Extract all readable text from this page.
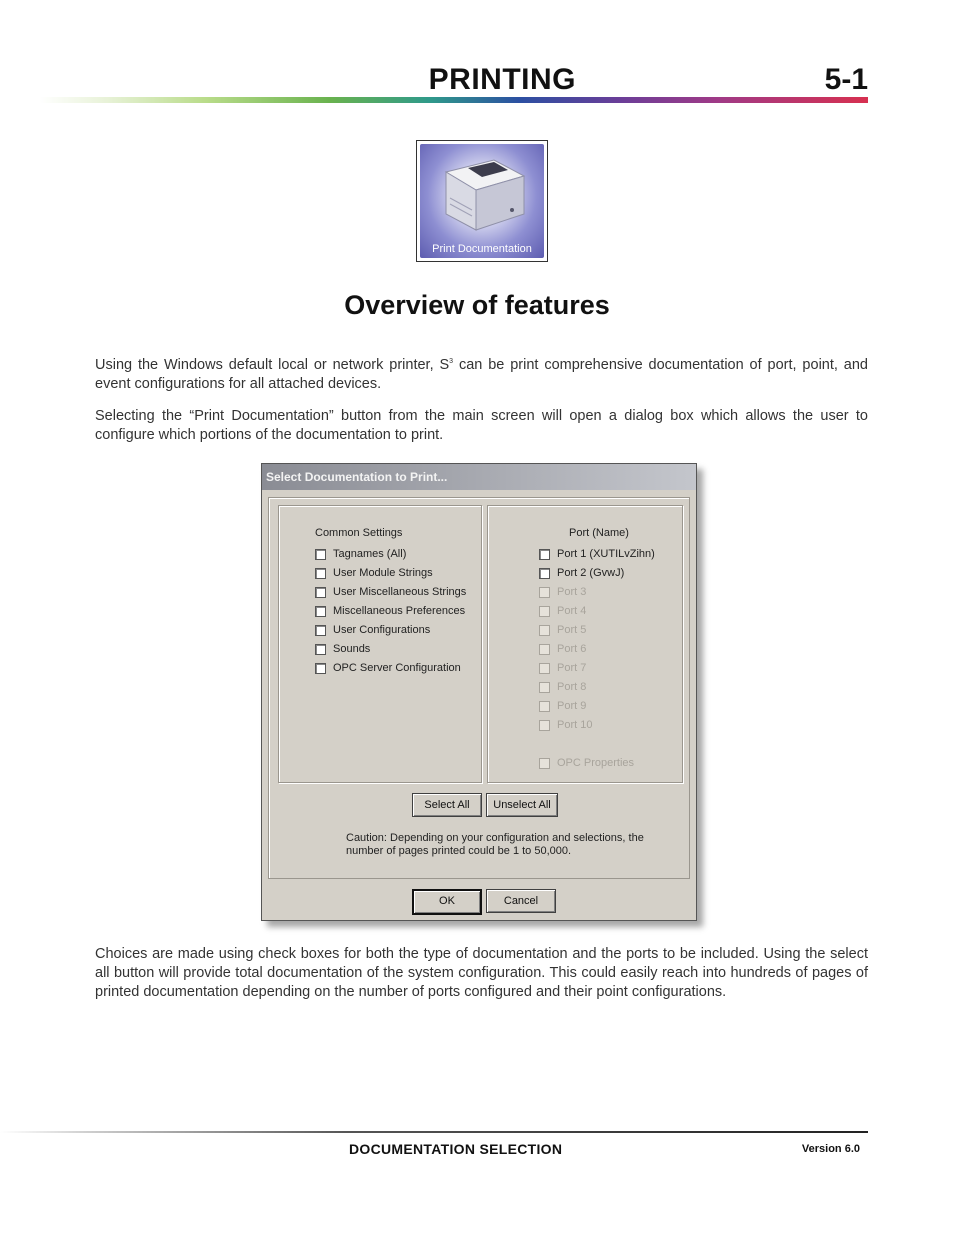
PRINTING	5-1
Print Documentation
Overview of features
Using the Windows default local or network printer, $S^3$ can be print comprehensive documentation of port, point, and event configurations for all attached devices.
Selecting the “Print Documentation” button from the main screen will open a dialog box which allows the user to configure which portions of the documentation to print.
Select Documentation to Print...
Common Settings	Port (Name)
Tagnames (All)
User Module Strings
User Miscellaneous Strings
Miscellaneous Preferences
User Configurations
Sounds
OPC Server Configuration
Port 1 (XUTILvZihn)
Port 2 (GvwJ)
Port 3
Port 4
Port 5
Port 6
Port 7
Port 8
Port 9
Port 10
OPC Properties
Select All	Unselect All
Caution: Depending on your configuration and selections, the number of pages printed could be 1 to 50,000.
OK	Cancel
Choices are made using check boxes for both the type of documentation and the ports to be included. Using the select all button will provide total documentation of the system configuration. This could easily reach into hundreds of pages of printed documentation depending on the number of ports configured and their point configurations.
DOCUMENTATION SELECTION	Version 6.0
